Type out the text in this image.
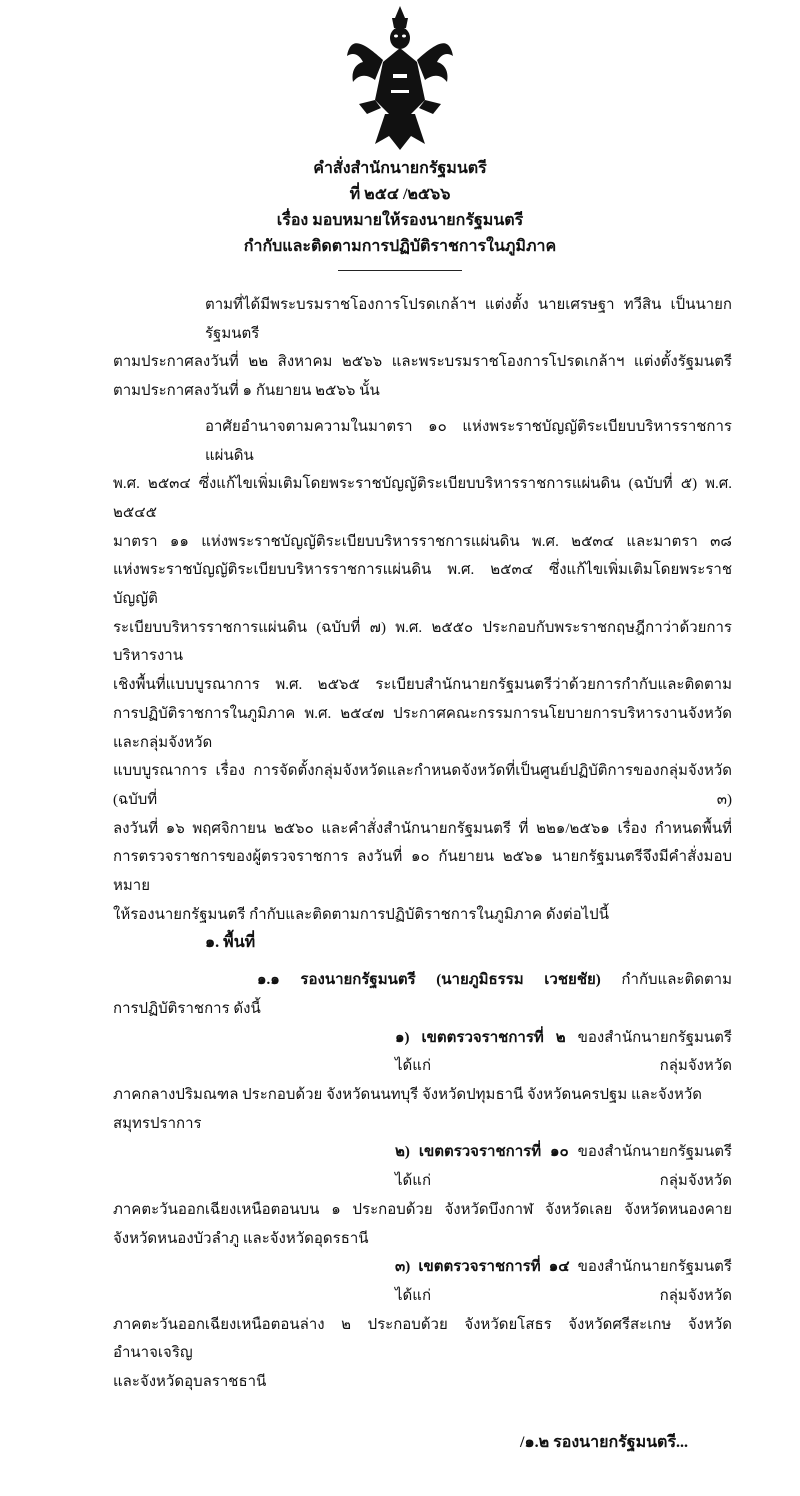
คำสั่งสำนักนายกรัฐมนตรี
ที่ ๒๕๔ /๒๕๖๖
เรื่อง มอบหมายให้รองนายกรัฐมนตรี
กำกับและติดตามการปฏิบัติราชการในภูมิภาค
ตามที่ได้มีพระบรมราชโองการโปรดเกล้าฯ แต่งตั้ง นายเศรษฐา ทวีสิน เป็นนายกรัฐมนตรี
ตามประกาศลงวันที่ ๒๒ สิงหาคม ๒๕๖๖ และพระบรมราชโองการโปรดเกล้าฯ แต่งตั้งรัฐมนตรี
ตามประกาศลงวันที่ ๑ กันยายน ๒๕๖๖ นั้น
อาศัยอำนาจตามความในมาตรา ๑๐ แห่งพระราชบัญญัติระเบียบบริหารราชการแผ่นดิน
พ.ศ. ๒๕๓๔ ซึ่งแก้ไขเพิ่มเติมโดยพระราชบัญญัติระเบียบบริหารราชการแผ่นดิน (ฉบับที่ ๕) พ.ศ. ๒๕๔๕
มาตรา ๑๑ แห่งพระราชบัญญัติระเบียบบริหารราชการแผ่นดิน พ.ศ. ๒๕๓๔ และมาตรา ๓๘
แห่งพระราชบัญญัติระเบียบบริหารราชการแผ่นดิน พ.ศ. ๒๕๓๔ ซึ่งแก้ไขเพิ่มเติมโดยพระราชบัญญัติ
ระเบียบบริหารราชการแผ่นดิน (ฉบับที่ ๗) พ.ศ. ๒๕๕๐ ประกอบกับพระราชกฤษฎีกาว่าด้วยการบริหารงาน
เชิงพื้นที่แบบบูรณาการ พ.ศ. ๒๕๖๕ ระเบียบสำนักนายกรัฐมนตรีว่าด้วยการกำกับและติดตาม
การปฏิบัติราชการในภูมิภาค พ.ศ. ๒๕๔๗ ประกาศคณะกรรมการนโยบายการบริหารงานจังหวัดและกลุ่มจังหวัด
แบบบูรณาการ เรื่อง การจัดตั้งกลุ่มจังหวัดและกำหนดจังหวัดที่เป็นศูนย์ปฏิบัติการของกลุ่มจังหวัด (ฉบับที่ ๓)
ลงวันที่ ๑๖ พฤศจิกายน ๒๕๖๐ และคำสั่งสำนักนายกรัฐมนตรี ที่ ๒๒๑/๒๕๖๑ เรื่อง กำหนดพื้นที่
การตรวจราชการของผู้ตรวจราชการ ลงวันที่ ๑๐ กันยายน ๒๕๖๑ นายกรัฐมนตรีจึงมีคำสั่งมอบหมาย
ให้รองนายกรัฐมนตรี กำกับและติดตามการปฏิบัติราชการในภูมิภาค ดังต่อไปนี้
๑. พื้นที่
๑.๑ รองนายกรัฐมนตรี (นายภูมิธรรม เวชยชัย) กำกับและติดตาม
การปฏิบัติราชการ ดังนี้
๑) เขตตรวจราชการที่ ๒ ของสำนักนายกรัฐมนตรี ได้แก่ กลุ่มจังหวัด
ภาคกลางปริมณฑล ประกอบด้วย จังหวัดนนทบุรี จังหวัดปทุมธานี จังหวัดนครปฐม และจังหวัดสมุทรปราการ
๒) เขตตรวจราชการที่ ๑๐ ของสำนักนายกรัฐมนตรี ได้แก่ กลุ่มจังหวัด
ภาคตะวันออกเฉียงเหนือตอนบน ๑ ประกอบด้วย จังหวัดบึงกาฬ จังหวัดเลย จังหวัดหนองคาย
จังหวัดหนองบัวลำภู และจังหวัดอุดรธานี
๓) เขตตรวจราชการที่ ๑๔ ของสำนักนายกรัฐมนตรี ได้แก่ กลุ่มจังหวัด
ภาคตะวันออกเฉียงเหนือตอนล่าง ๒ ประกอบด้วย จังหวัดยโสธร จังหวัดศรีสะเกษ จังหวัดอำนาจเจริญ
และจังหวัดอุบลราชธานี
/๑.๒ รองนายกรัฐมนตรี...
